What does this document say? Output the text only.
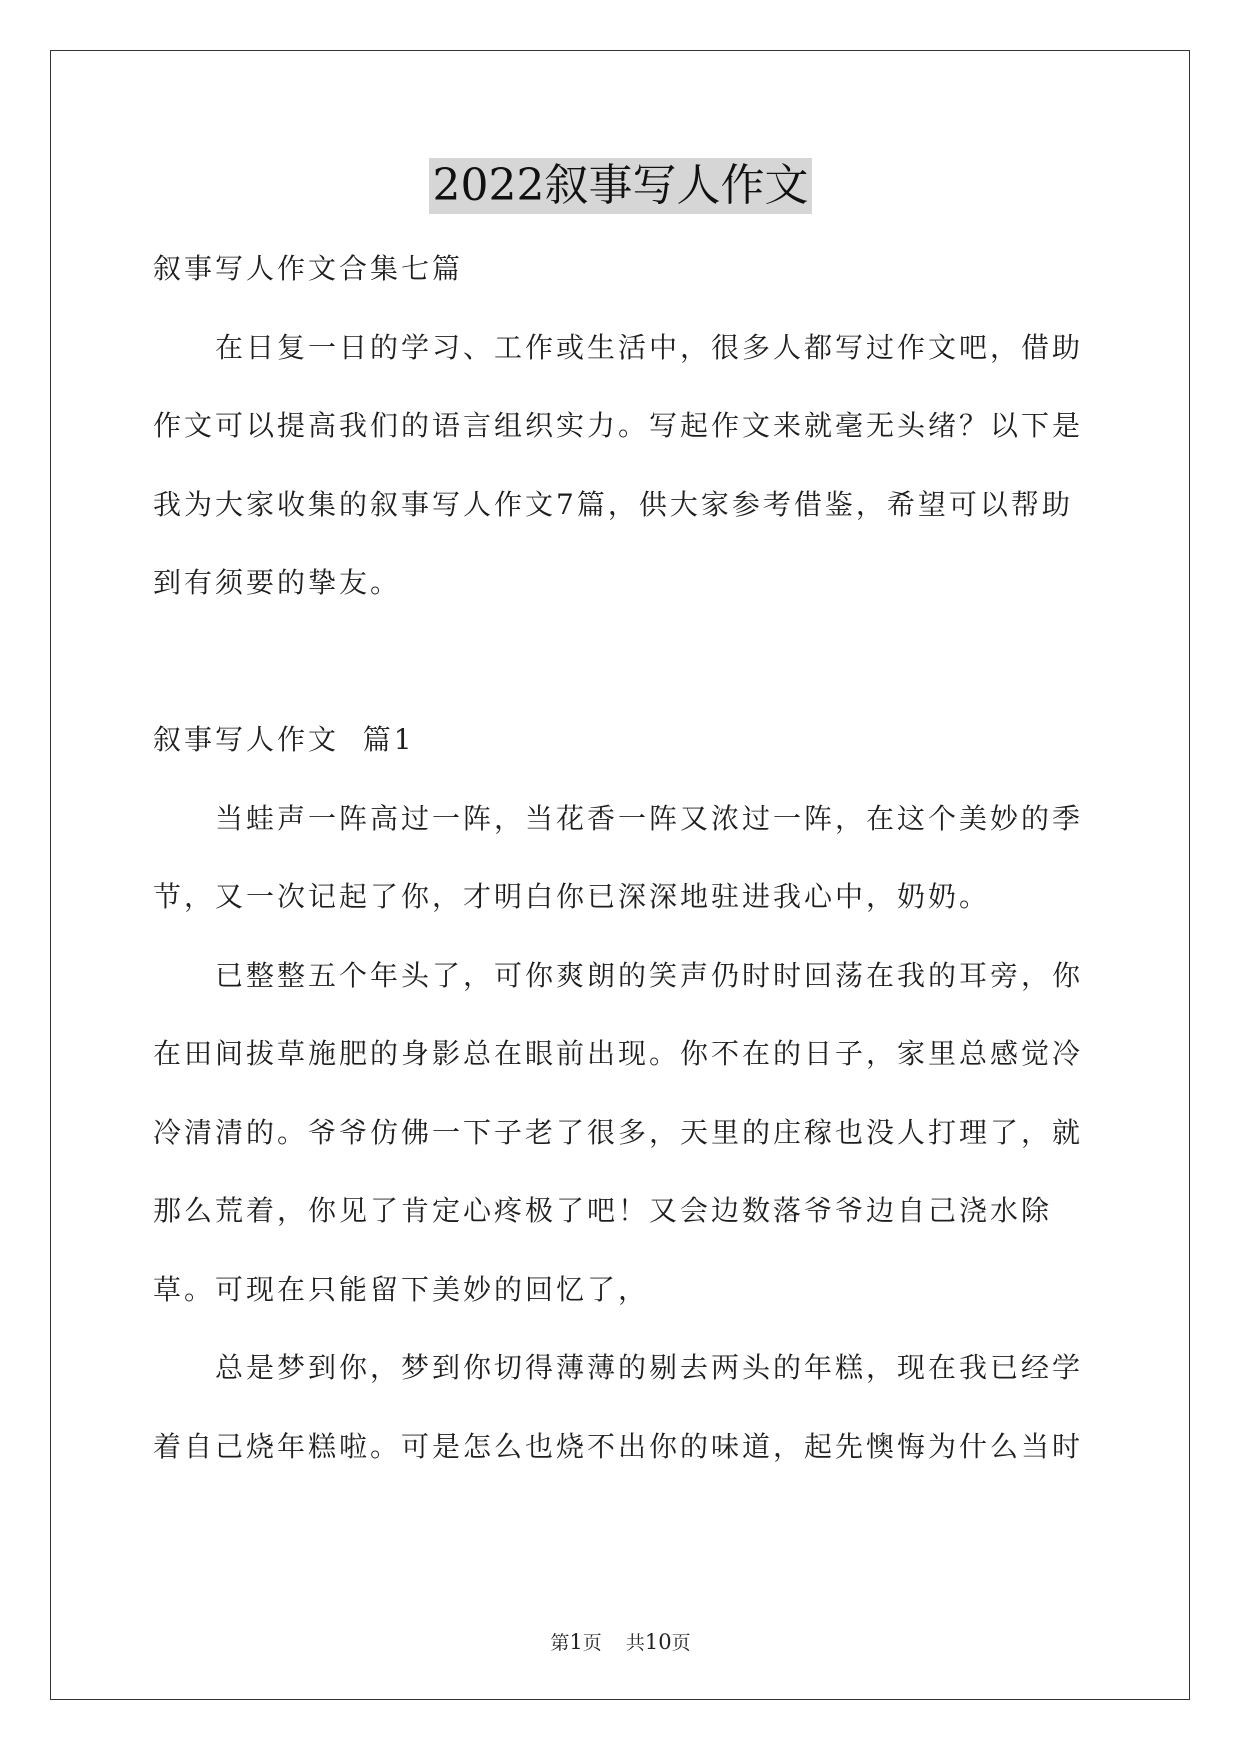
2022叙事写人作文

叙事写人作文合集七篇

在日复一日的学习、工作或生活中，很多人都写过作文吧，借助作文可以提高我们的语言组织实力。写起作文来就毫无头绪？以下是我为大家收集的叙事写人作文7篇，供大家参考借鉴，希望可以帮助到有须要的挚友。

叙事写人作文  篇1

当蛙声一阵高过一阵，当花香一阵又浓过一阵，在这个美妙的季节，又一次记起了你，才明白你已深深地驻进我心中，奶奶。

已整整五个年头了，可你爽朗的笑声仍时时回荡在我的耳旁，你在田间拔草施肥的身影总在眼前出现。你不在的日子，家里总感觉冷冷清清的。爷爷仿佛一下子老了很多，天里的庄稼也没人打理了，就那么荒着，你见了肯定心疼极了吧！又会边数落爷爷边自己浇水除草。可现在只能留下美妙的回忆了，

总是梦到你，梦到你切得薄薄的剔去两头的年糕，现在我已经学着自己烧年糕啦。可是怎么也烧不出你的味道，起先懊悔为什么当时

第1页 共10页
